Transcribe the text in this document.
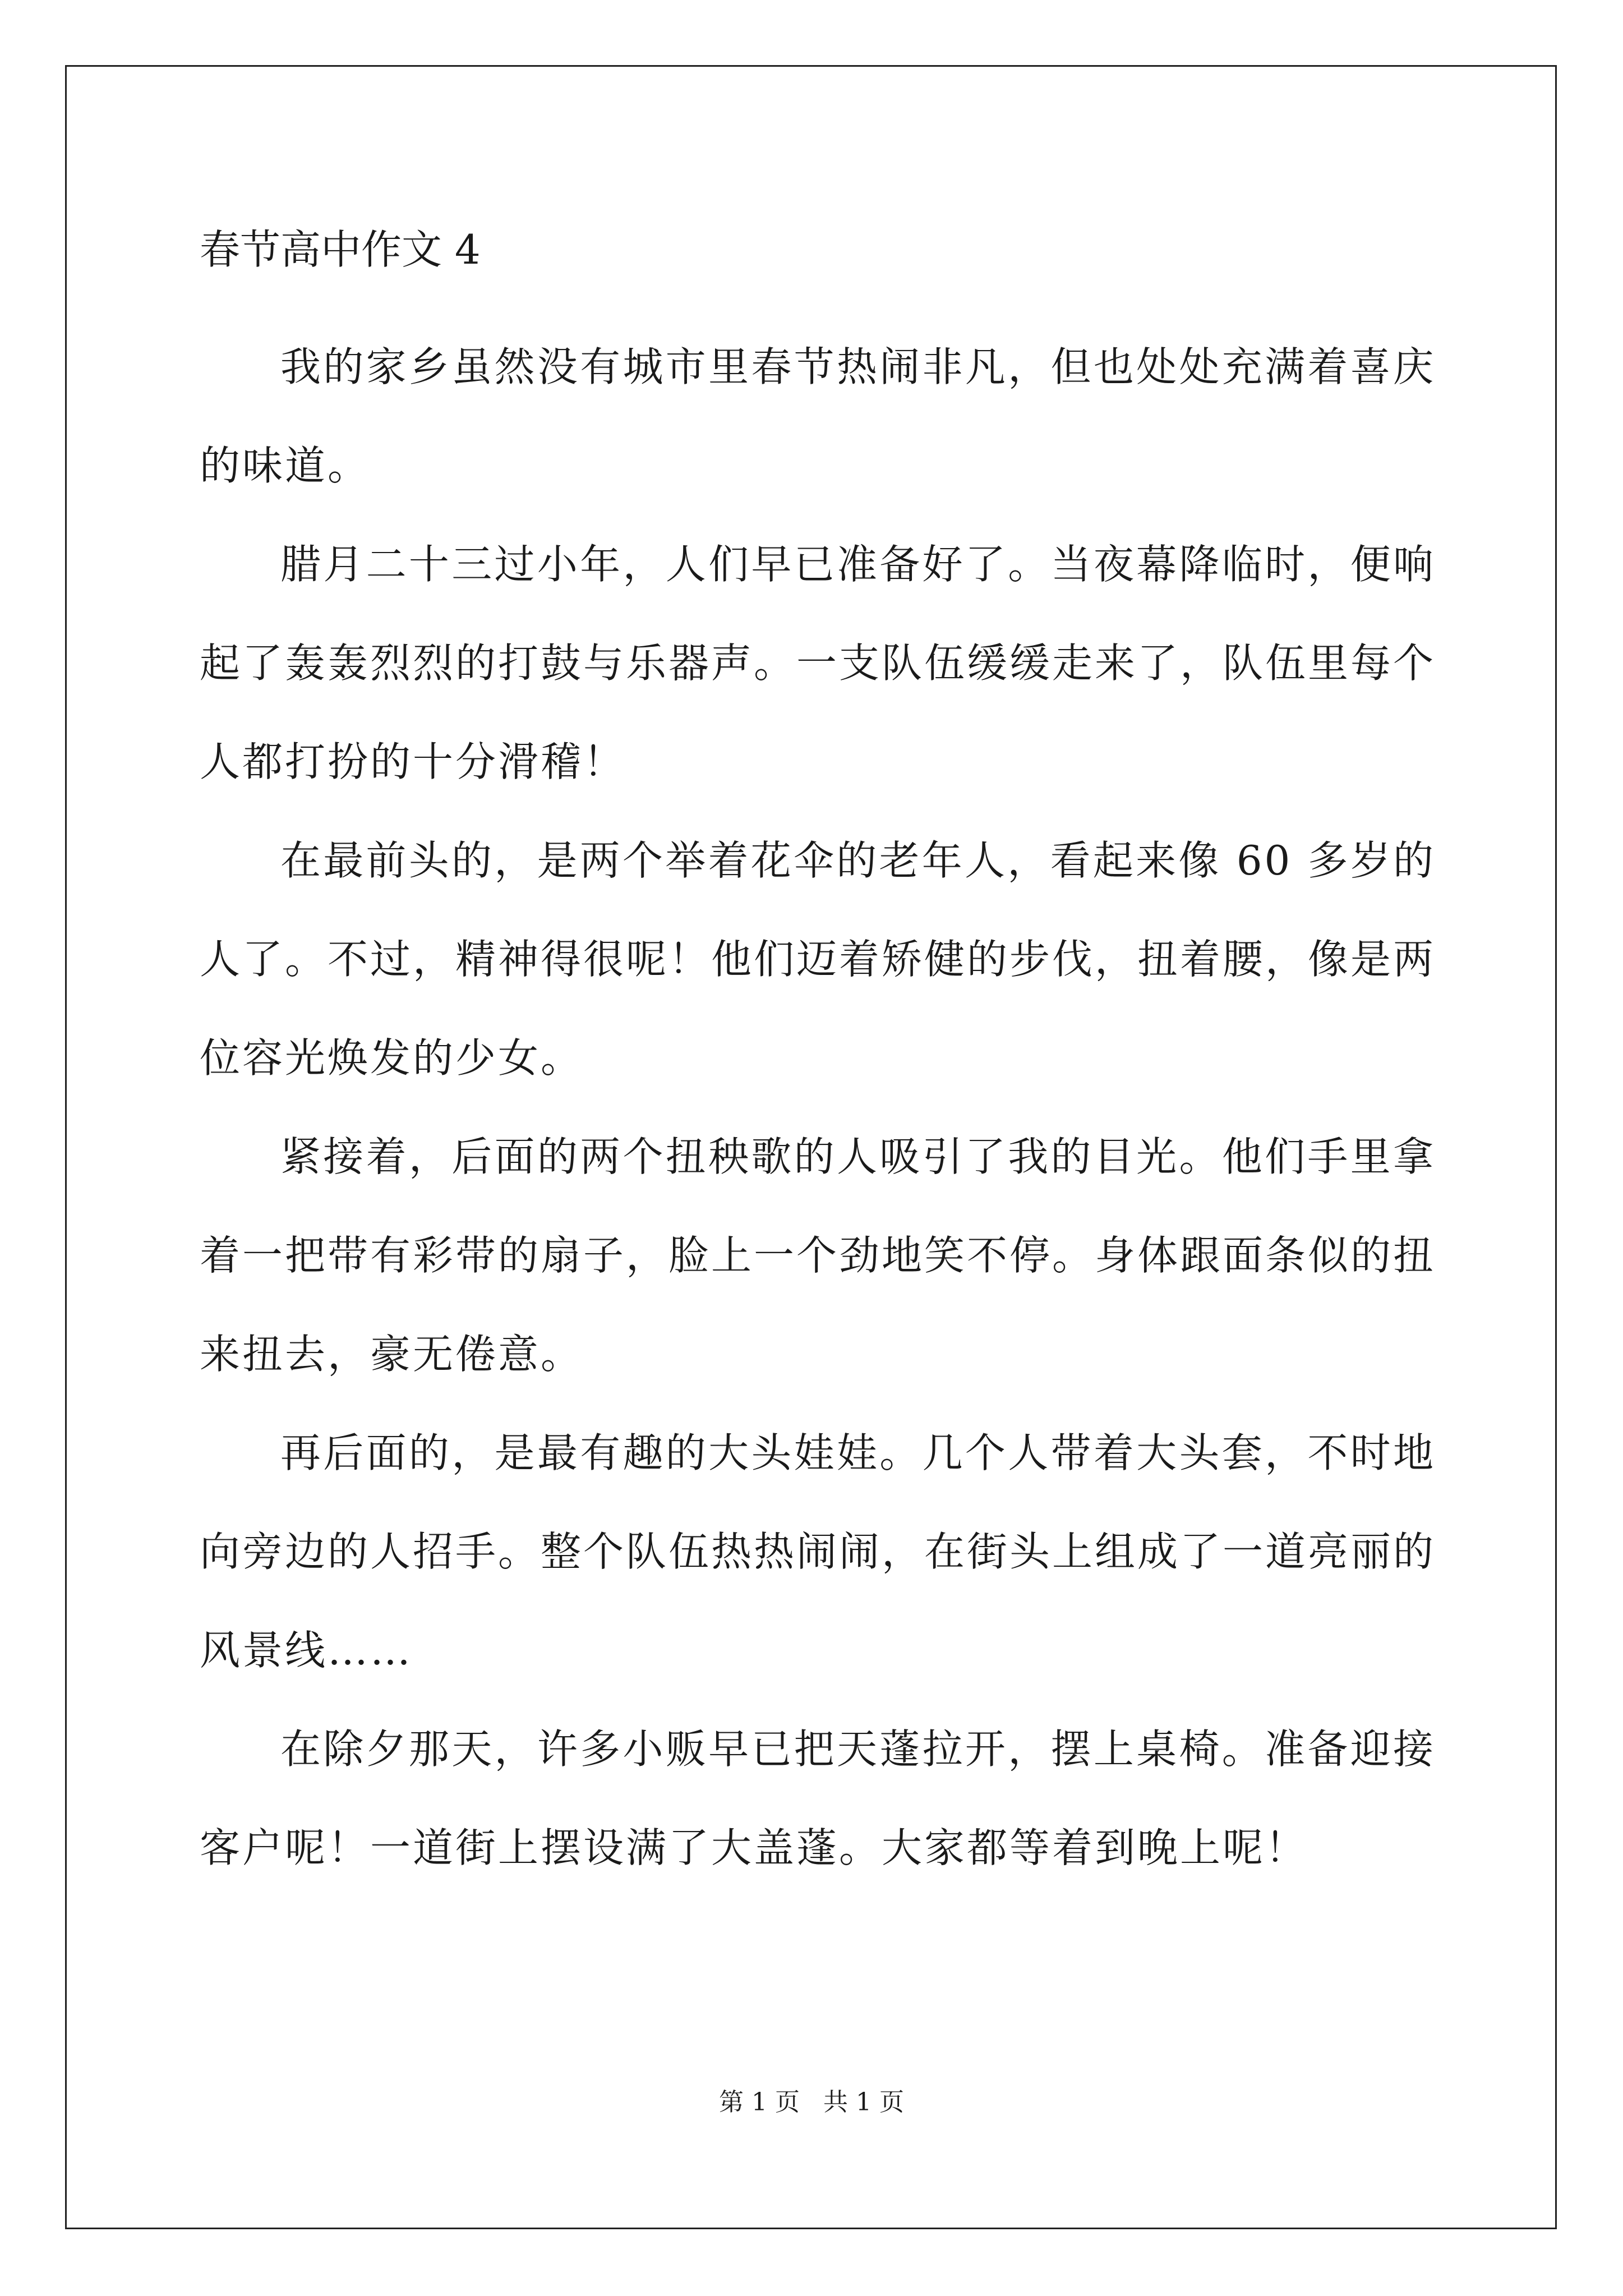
春节高中作文 4

我的家乡虽然没有城市里春节热闹非凡，但也处处充满着喜庆的味道。

腊月二十三过小年，人们早已准备好了。当夜幕降临时，便响起了轰轰烈烈的打鼓与乐器声。一支队伍缓缓走来了，队伍里每个人都打扮的十分滑稽！

在最前头的，是两个举着花伞的老年人，看起来像 60 多岁的人了。不过，精神得很呢！他们迈着矫健的步伐，扭着腰，像是两位容光焕发的少女。

紧接着，后面的两个扭秧歌的人吸引了我的目光。他们手里拿着一把带有彩带的扇子，脸上一个劲地笑不停。身体跟面条似的扭来扭去，豪无倦意。

再后面的，是最有趣的大头娃娃。几个人带着大头套，不时地向旁边的人招手。整个队伍热热闹闹，在街头上组成了一道亮丽的风景线……

在除夕那天，许多小贩早已把天蓬拉开，摆上桌椅。准备迎接客户呢！一道街上摆设满了大盖蓬。大家都等着到晚上呢！

第 1 页   共 1 页
